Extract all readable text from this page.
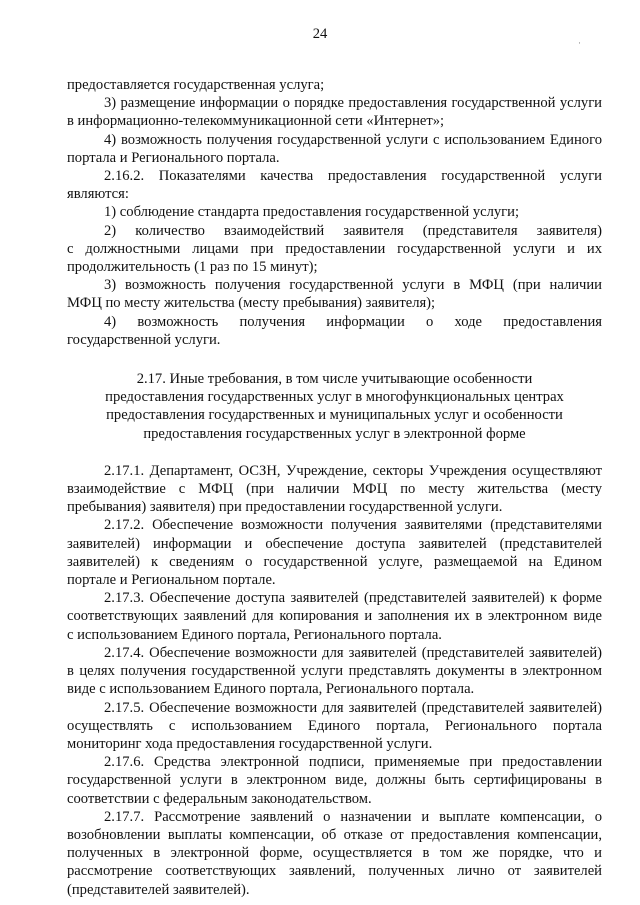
24
·
предоставляется государственная услуга;
3) размещение информации о порядке предоставления государственной услуги
в информационно-телекоммуникационной сети «Интернет»;
4) возможность получения государственной услуги с использованием Единого
портала и Регионального портала.
2.16.2. Показателями качества предоставления государственной услуги
являются:
1) соблюдение стандарта предоставления государственной услуги;
2) количество взаимодействий заявителя (представителя заявителя)
с должностными лицами при предоставлении государственной услуги и их
продолжительность (1 раз по 15 минут);
3) возможность получения государственной услуги в МФЦ (при наличии
МФЦ по месту жительства (месту пребывания) заявителя);
4) возможность получения информации о ходе предоставления
государственной услуги.
2.17. Иные требования, в том числе учитывающие особенности
предоставления государственных услуг в многофункциональных центрах
предоставления государственных и муниципальных услуг и особенности
предоставления государственных услуг в электронной форме
2.17.1. Департамент, ОСЗН, Учреждение, секторы Учреждения осуществляют
взаимодействие с МФЦ (при наличии МФЦ по месту жительства (месту
пребывания) заявителя) при предоставлении государственной услуги.
2.17.2. Обеспечение возможности получения заявителями (представителями
заявителей) информации и обеспечение доступа заявителей (представителей
заявителей) к сведениям о государственной услуге, размещаемой на Едином
портале и Региональном портале.
2.17.3. Обеспечение доступа заявителей (представителей заявителей) к форме
соответствующих заявлений для копирования и заполнения их в электронном виде
с использованием Единого портала, Регионального портала.
2.17.4. Обеспечение возможности для заявителей (представителей заявителей)
в целях получения государственной услуги представлять документы в электронном
виде с использованием Единого портала, Регионального портала.
2.17.5. Обеспечение возможности для заявителей (представителей заявителей)
осуществлять с использованием Единого портала, Регионального портала
мониторинг хода предоставления государственной услуги.
2.17.6. Средства электронной подписи, применяемые при предоставлении
государственной услуги в электронном виде, должны быть сертифицированы в
соответствии с федеральным законодательством.
2.17.7. Рассмотрение заявлений о назначении и выплате компенсации, о
возобновлении выплаты компенсации, об отказе от предоставления компенсации,
полученных в электронной форме, осуществляется в том же порядке, что и
рассмотрение соответствующих заявлений, полученных лично от заявителей
(представителей заявителей).
